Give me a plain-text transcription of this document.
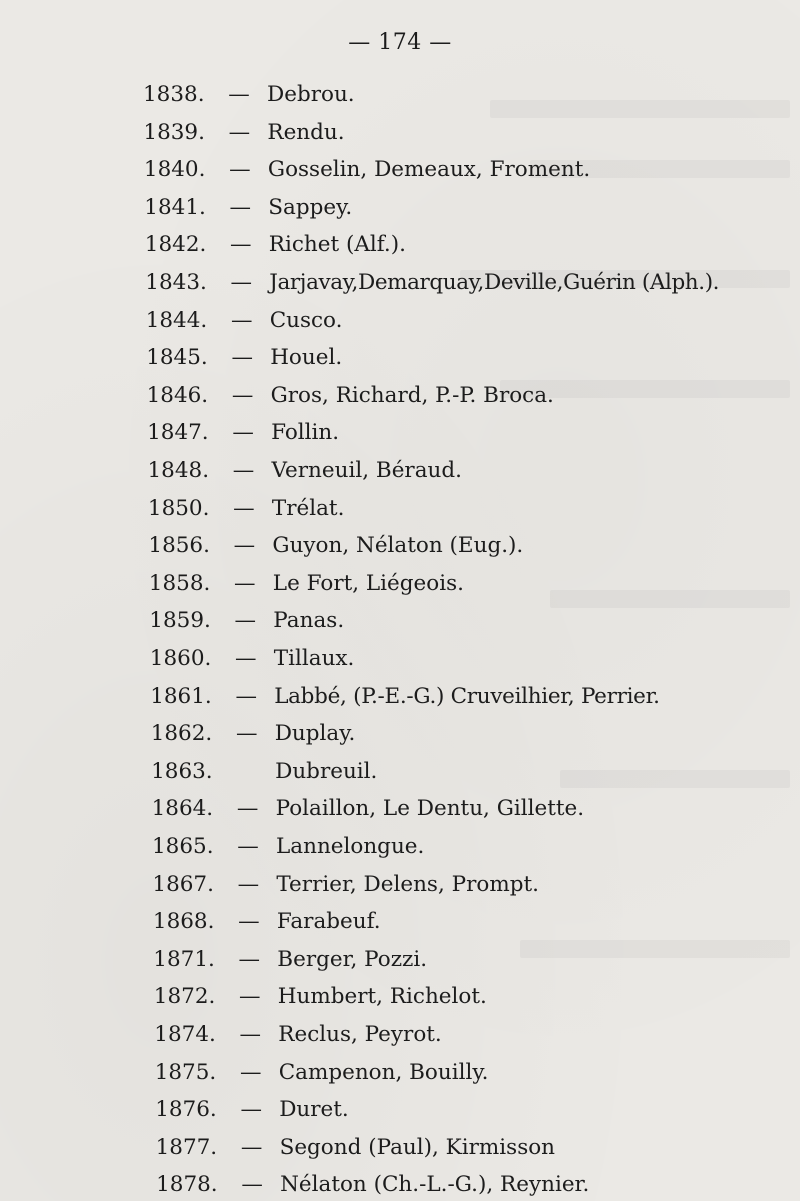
— 174 —
1838. — Debrou.
1839. — Rendu.
1840. — Gosselin, Demeaux, Froment.
1841. — Sappey.
1842. — Richet (Alf.).
1843. — Jarjavay,Demarquay,Deville,Guérin (Alph.).
1844. — Cusco.
1845. — Houel.
1846. — Gros, Richard, P.-P. Broca.
1847. — Follin.
1848. — Verneuil, Béraud.
1850. — Trélat.
1856. — Guyon, Nélaton (Eug.).
1858. — Le Fort, Liégeois.
1859. — Panas.
1860. — Tillaux.
1861. — Labbé, (P.-E.-G.) Cruveilhier, Perrier.
1862. — Duplay.
1863.	Dubreuil.
1864. — Polaillon, Le Dentu, Gillette.
1865. — Lannelongue.
1867. — Terrier, Delens, Prompt.
1868. — Farabeuf.
1871. — Berger, Pozzi.
1872. — Humbert, Richelot.
1874. — Reclus, Peyrot.
1875. — Campenon, Bouilly.
1876. — Duret.
1877. — Segond (Paul), Kirmisson
1878. — Nélaton (Ch.-L.-G.), Reynier.
